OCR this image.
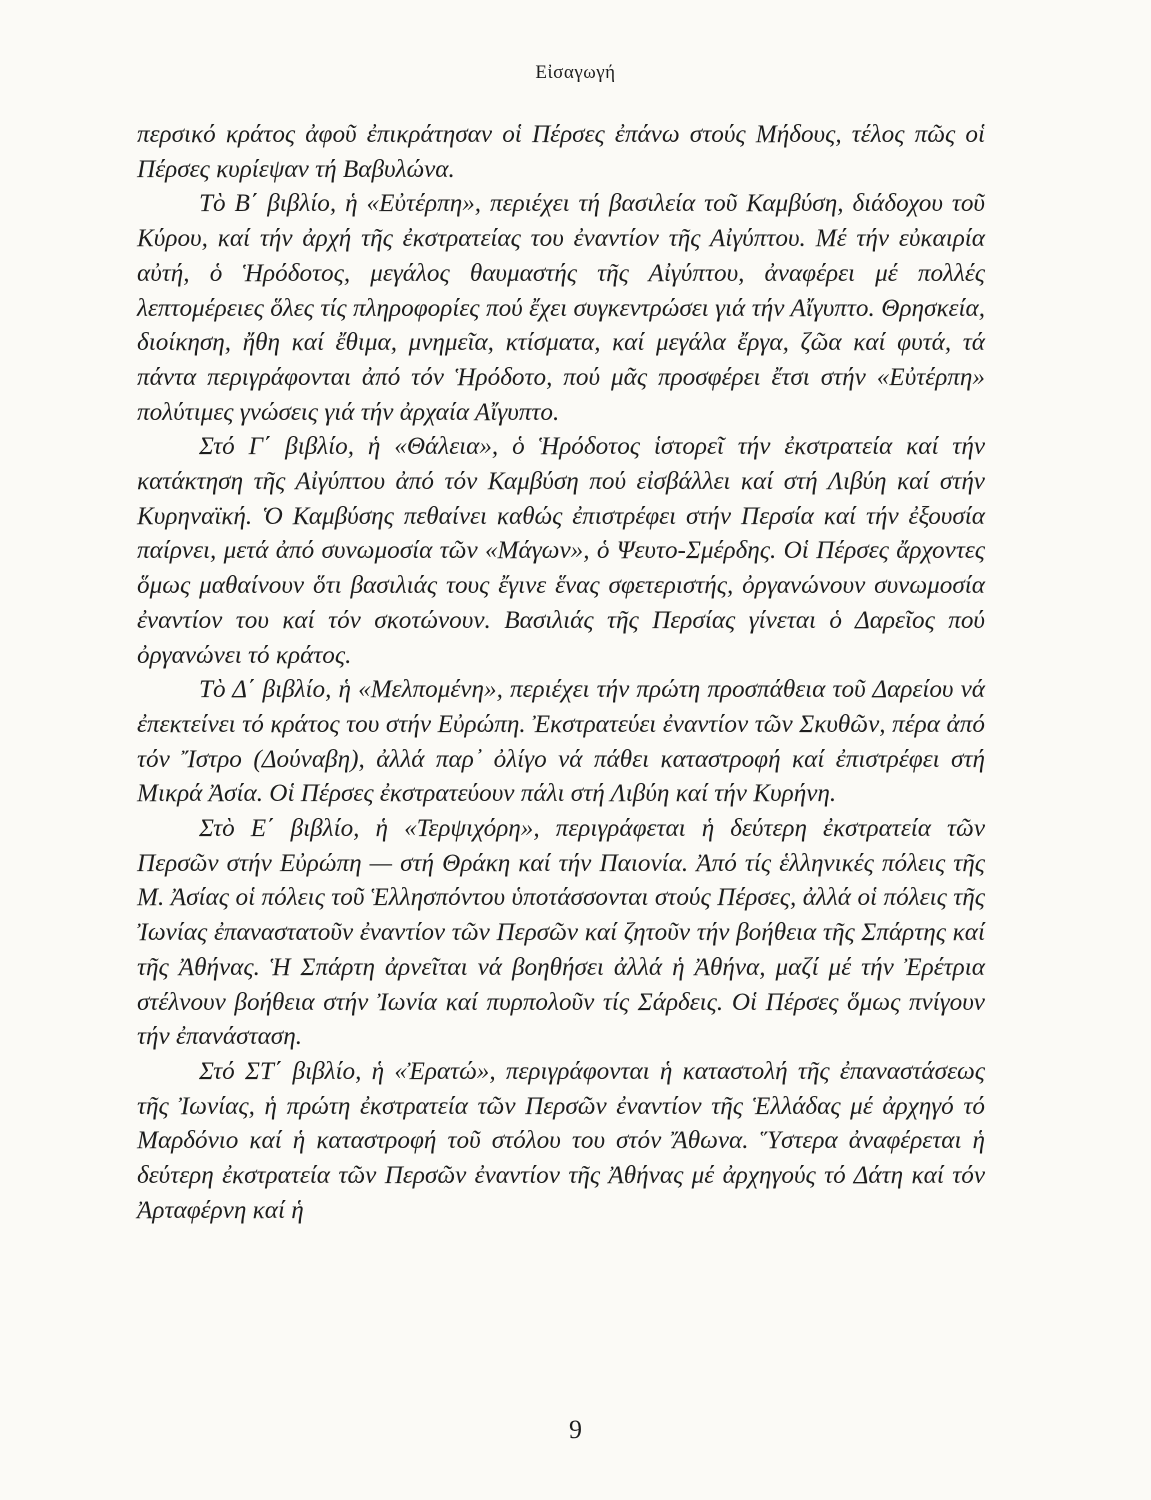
Εἰσαγωγή

περσικό κράτος ἀφοῦ ἐπικράτησαν οἱ Πέρσες ἐπάνω στούς Μήδους, τέλος πῶς οἱ Πέρσες κυρίεψαν τή Βαβυλώνα.

Τὸ Β΄ βιβλίο, ἡ «Εὐτέρπη», περιέχει τή βασιλεία τοῦ Καμβύση, διάδοχου τοῦ Κύρου, καί τήν ἀρχή τῆς ἐκστρατείας του ἐναντίον τῆς Αἰγύπτου. Μέ τήν εὐκαιρία αὐτή, ὁ Ἡρόδοτος, μεγάλος θαυμαστής τῆς Αἰγύπτου, ἀναφέρει μέ πολλές λεπτομέρειες ὅλες τίς πληροφορίες πού ἔχει συγκεντρώσει γιά τήν Αἴγυπτο. Θρησκεία, διοίκηση, ἤθη καί ἔθιμα, μνημεῖα, κτίσματα, καί μεγάλα ἔργα, ζῶα καί φυτά, τά πάντα περιγράφονται ἀπό τόν Ἡρόδοτο, πού μᾶς προσφέρει ἔτσι στήν «Εὐτέρπη» πολύτιμες γνώσεις γιά τήν ἀρχαία Αἴγυπτο.

Στό Γ΄ βιβλίο, ἡ «Θάλεια», ὁ Ἡρόδοτος ἱστορεῖ τήν ἐκστρατεία καί τήν κατάκτηση τῆς Αἰγύπτου ἀπό τόν Καμβύση πού εἰσβάλλει καί στή Λιβύη καί στήν Κυρηναϊκή. Ὁ Καμβύσης πεθαίνει καθώς ἐπιστρέφει στήν Περσία καί τήν ἐξουσία παίρνει, μετά ἀπό συνωμοσία τῶν «Μάγων», ὁ Ψευτο-Σμέρδης. Οἱ Πέρσες ἄρχοντες ὅμως μαθαίνουν ὅτι βασιλιάς τους ἔγινε ἕνας σφετεριστής, ὀργανώνουν συνωμοσία ἐναντίον του καί τόν σκοτώνουν. Βασιλιάς τῆς Περσίας γίνεται ὁ Δαρεῖος πού ὀργανώνει τό κράτος.

Τὸ Δ΄ βιβλίο, ἡ «Μελπομένη», περιέχει τήν πρώτη προσπάθεια τοῦ Δαρείου νά ἐπεκτείνει τό κράτος του στήν Εὐρώπη. Ἐκστρατεύει ἐναντίον τῶν Σκυθῶν, πέρα ἀπό τόν Ἴστρο (Δούναβη), ἀλλά παρ᾽ ὀλίγο νά πάθει καταστροφή καί ἐπιστρέφει στή Μικρά Ἀσία. Οἱ Πέρσες ἐκστρατεύουν πάλι στή Λιβύη καί τήν Κυρήνη.

Στὸ Ε΄ βιβλίο, ἡ «Τερψιχόρη», περιγράφεται ἡ δεύτερη ἐκστρατεία τῶν Περσῶν στήν Εὐρώπη — στή Θράκη καί τήν Παιονία. Ἀπό τίς ἑλληνικές πόλεις τῆς Μ. Ἀσίας οἱ πόλεις τοῦ Ἑλλησπόντου ὑποτάσσονται στούς Πέρσες, ἀλλά οἱ πόλεις τῆς Ἰωνίας ἐπαναστατοῦν ἐναντίον τῶν Περσῶν καί ζητοῦν τήν βοήθεια τῆς Σπάρτης καί τῆς Ἀθήνας. Ἡ Σπάρτη ἀρνεῖται νά βοηθήσει ἀλλά ἡ Ἀθήνα, μαζί μέ τήν Ἐρέτρια στέλνουν βοήθεια στήν Ἰωνία καί πυρπολοῦν τίς Σάρδεις. Οἱ Πέρσες ὅμως πνίγουν τήν ἐπανάσταση.

Στό ΣΤ΄ βιβλίο, ἡ «Ἐρατώ», περιγράφονται ἡ καταστολή τῆς ἐπαναστάσεως τῆς Ἰωνίας, ἡ πρώτη ἐκστρατεία τῶν Περσῶν ἐναντίον τῆς Ἑλλάδας μέ ἀρχηγό τό Μαρδόνιο καί ἡ καταστροφή τοῦ στόλου του στόν Ἄθωνα. Ὕστερα ἀναφέρεται ἡ δεύτερη ἐκστρατεία τῶν Περσῶν ἐναντίον τῆς Ἀθήνας μέ ἀρχηγούς τό Δάτη καί τόν Ἀρταφέρνη καί ἡ

9
